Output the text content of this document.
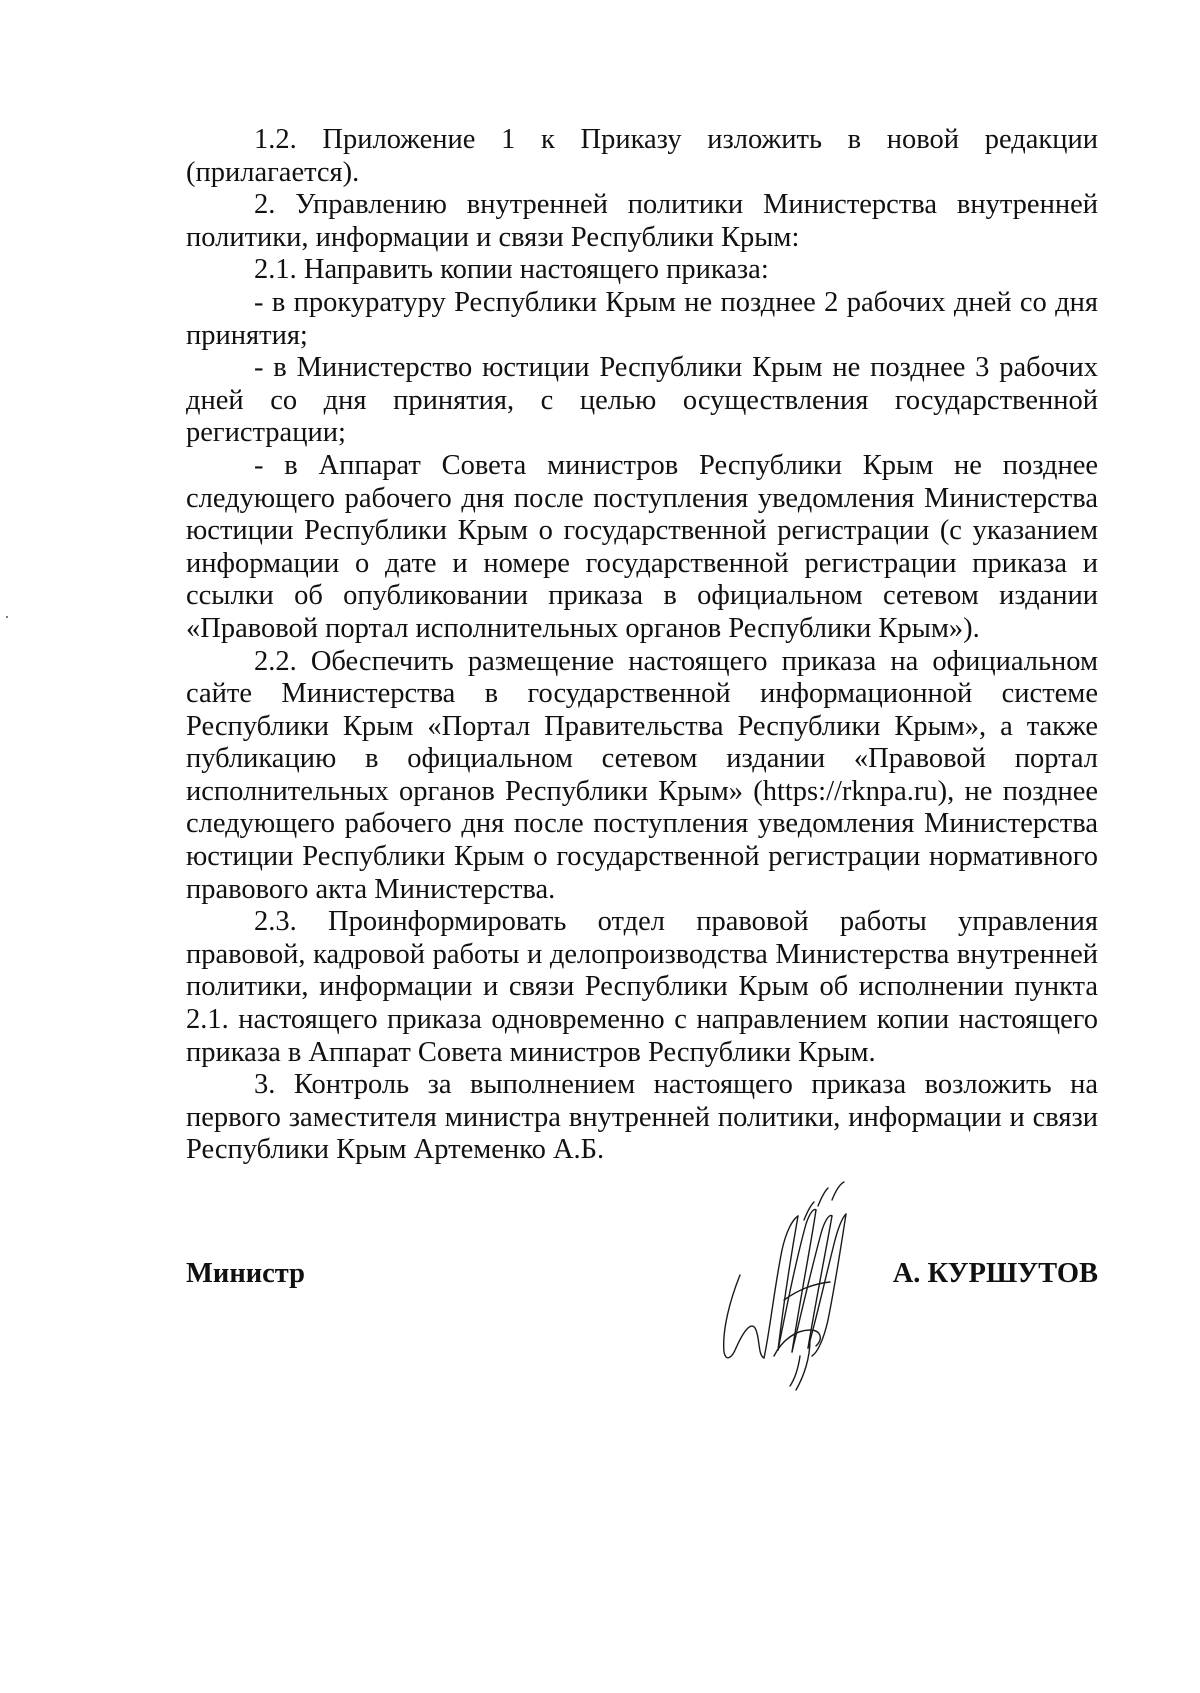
1.2. Приложение 1 к Приказу изложить в новой редакции (прилагается).

2. Управлению внутренней политики Министерства внутренней политики, информации и связи Республики Крым:

2.1. Направить копии настоящего приказа:

- в прокуратуру Республики Крым не позднее 2 рабочих дней со дня принятия;

- в Министерство юстиции Республики Крым не позднее 3 рабочих дней со дня принятия, с целью осуществления государственной регистрации;

- в Аппарат Совета министров Республики Крым не позднее следующего рабочего дня после поступления уведомления Министерства юстиции Республики Крым о государственной регистрации (с указанием информации о дате и номере государственной регистрации приказа и ссылки об опубликовании приказа в официальном сетевом издании «Правовой портал исполнительных органов Республики Крым»).

2.2. Обеспечить размещение настоящего приказа на официальном сайте Министерства в государственной информационной системе Республики Крым «Портал Правительства Республики Крым», а также публикацию в официальном сетевом издании «Правовой портал исполнительных органов Республики Крым» (https://rknpa.ru), не позднее следующего рабочего дня после поступления уведомления Министерства юстиции Республики Крым о государственной регистрации нормативного правового акта Министерства.

2.3. Проинформировать отдел правовой работы управления правовой, кадровой работы и делопроизводства Министерства внутренней политики, информации и связи Республики Крым об исполнении пункта 2.1. настоящего приказа одновременно с направлением копии настоящего приказа в Аппарат Совета министров Республики Крым.

3. Контроль за выполнением настоящего приказа возложить на первого заместителя министра внутренней политики, информации и связи Республики Крым Артеменко А.Б.

Министр	А. КУРШУТОВ
